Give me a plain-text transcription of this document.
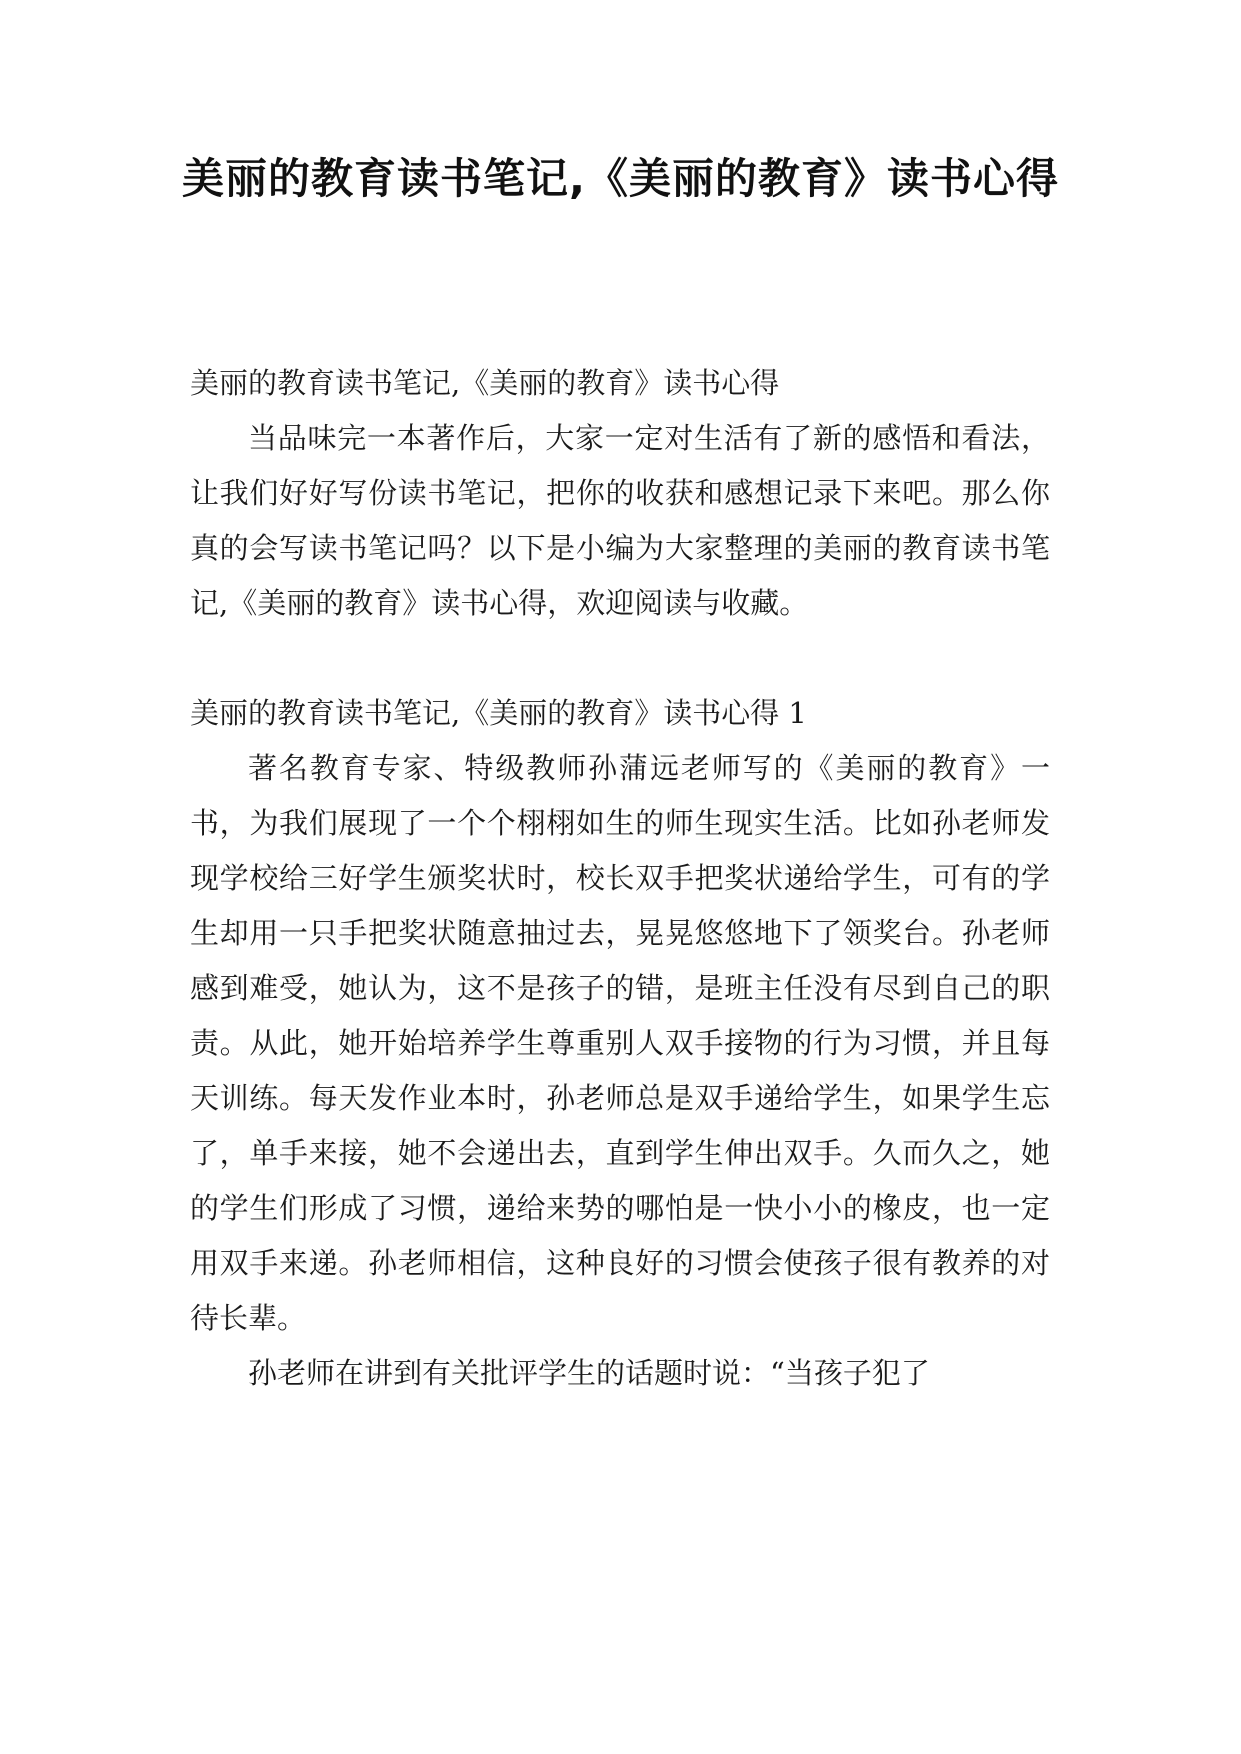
美丽的教育读书笔记,《美丽的教育》读书心得

美丽的教育读书笔记,《美丽的教育》读书心得

当品味完一本著作后，大家一定对生活有了新的感悟和看法，让我们好好写份读书笔记，把你的收获和感想记录下来吧。那么你真的会写读书笔记吗？以下是小编为大家整理的美丽的教育读书笔记,《美丽的教育》读书心得，欢迎阅读与收藏。

美丽的教育读书笔记,《美丽的教育》读书心得 1

著名教育专家、特级教师孙蒲远老师写的《美丽的教育》一书，为我们展现了一个个栩栩如生的师生现实生活。比如孙老师发现学校给三好学生颁奖状时，校长双手把奖状递给学生，可有的学生却用一只手把奖状随意抽过去，晃晃悠悠地下了领奖台。孙老师感到难受，她认为，这不是孩子的错，是班主任没有尽到自己的职责。从此，她开始培养学生尊重别人双手接物的行为习惯，并且每天训练。每天发作业本时，孙老师总是双手递给学生，如果学生忘了，单手来接，她不会递出去，直到学生伸出双手。久而久之，她的学生们形成了习惯，递给来势的哪怕是一快小小的橡皮，也一定用双手来递。孙老师相信，这种良好的习惯会使孩子很有教养的对待长辈。

孙老师在讲到有关批评学生的话题时说：“当孩子犯了
